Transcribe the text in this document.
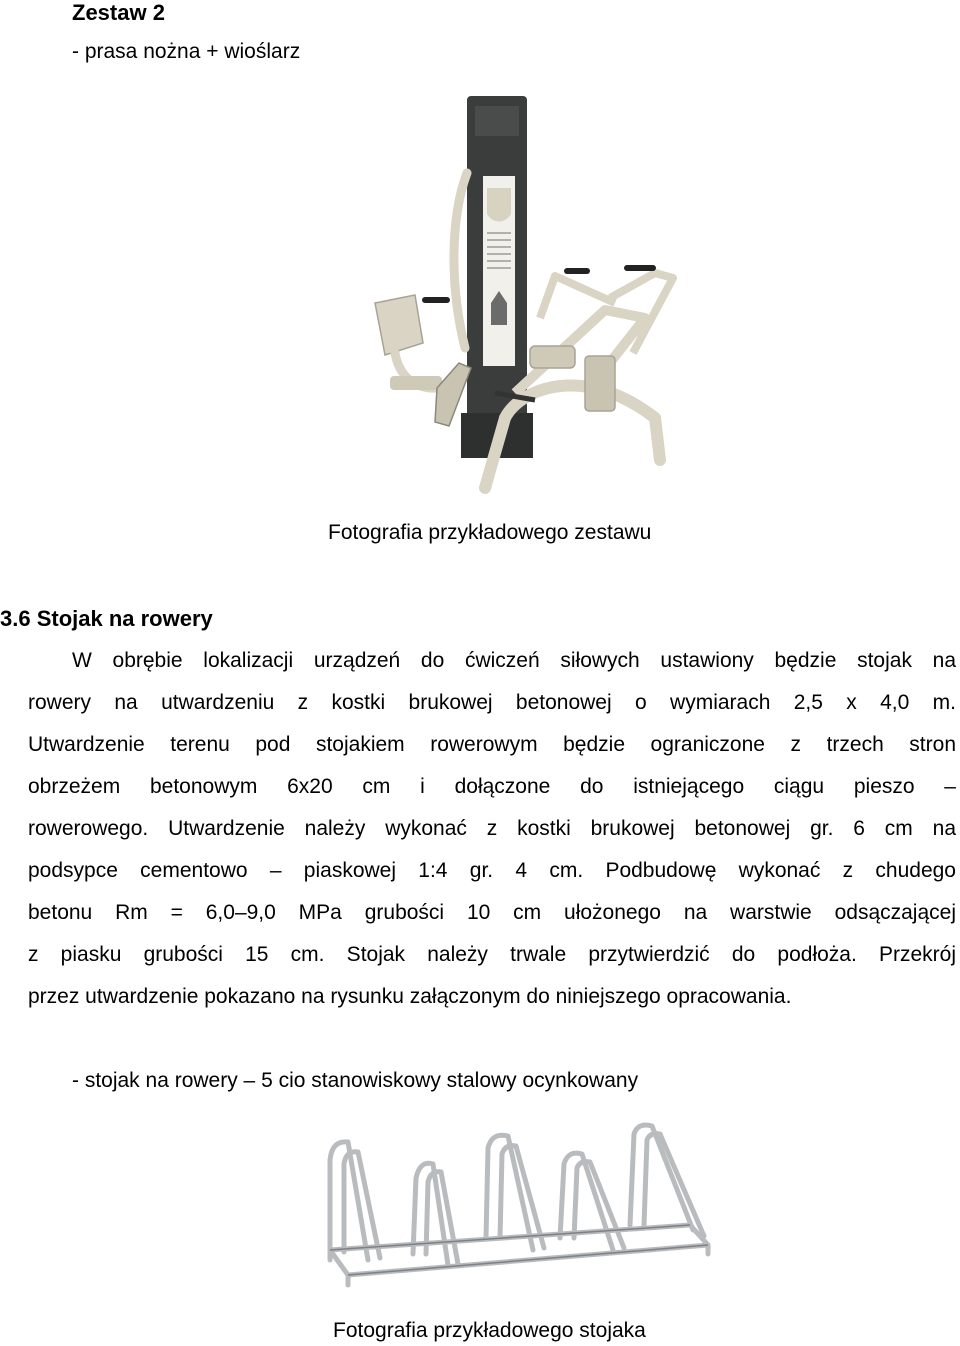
Zestaw 2
- prasa nożna + wioślarz
Fotografia przykładowego zestawu
3.6 Stojak na rowery
W obrębie lokalizacji urządzeń do ćwiczeń siłowych ustawiony będzie stojak na
rowery na utwardzeniu z kostki brukowej betonowej o wymiarach 2,5 x 4,0 m.
Utwardzenie terenu pod stojakiem rowerowym będzie ograniczone z trzech stron
obrzeżem betonowym 6x20 cm i dołączone do istniejącego ciągu pieszo –
rowerowego. Utwardzenie należy wykonać z kostki brukowej betonowej gr. 6 cm na
podsypce cementowo – piaskowej 1:4 gr. 4 cm. Podbudowę wykonać z chudego
betonu Rm = 6,0–9,0 MPa grubości 10 cm ułożonego na warstwie odsączającej
z piasku grubości 15 cm. Stojak należy trwale przytwierdzić do podłoża. Przekrój
przez utwardzenie pokazano na rysunku załączonym do niniejszego opracowania.
- stojak na rowery – 5 cio stanowiskowy stalowy ocynkowany
Fotografia przykładowego stojaka
